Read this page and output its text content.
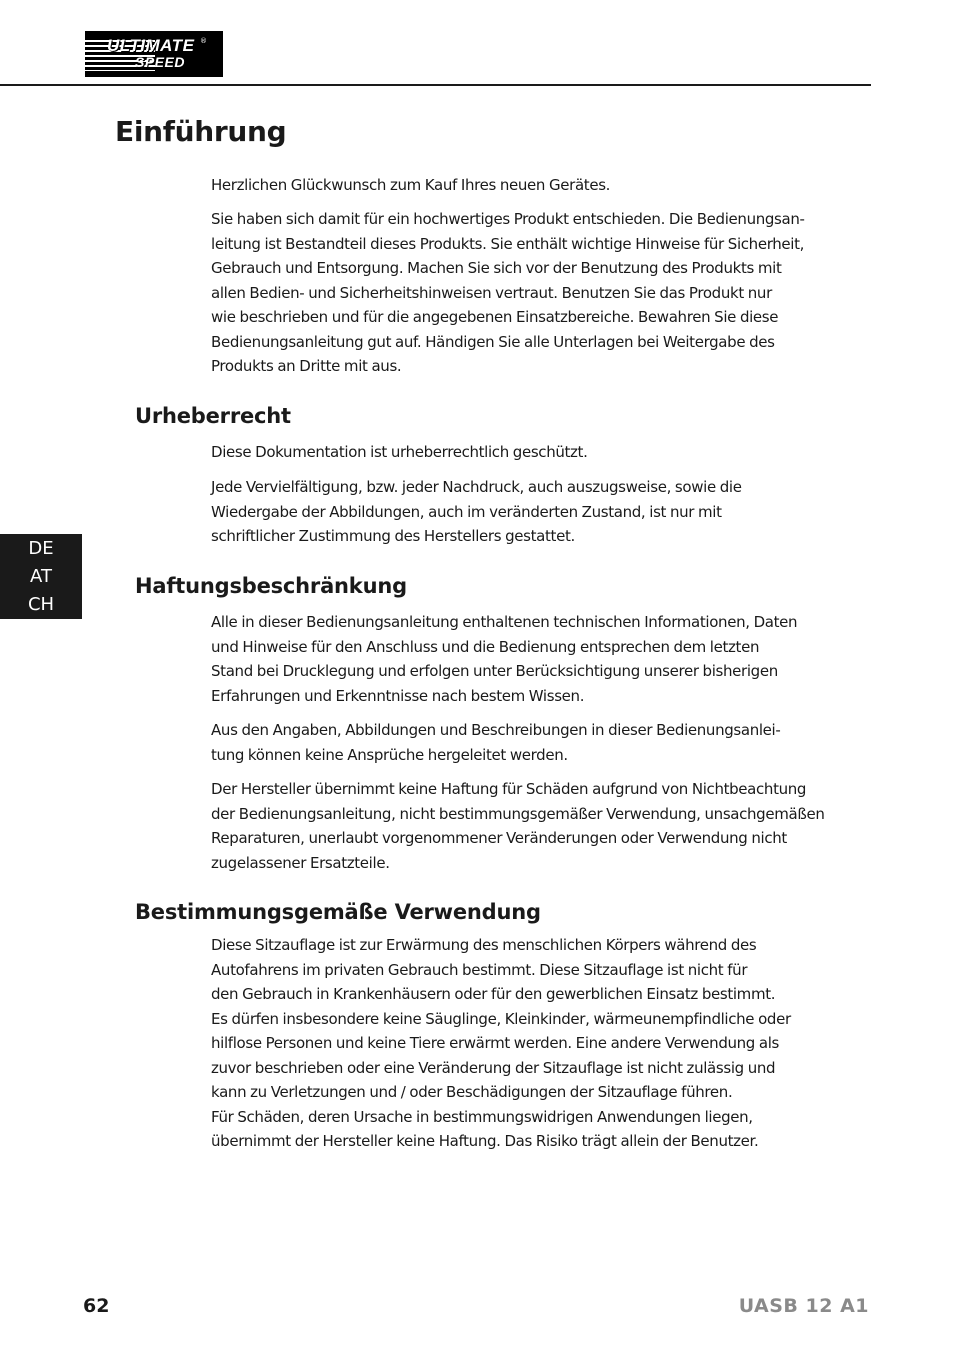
ULTIMATE
SPEED
®
Einführung
Herzlichen Glückwunsch zum Kauf Ihres neuen Gerätes.
Sie haben sich damit für ein hochwertiges Produkt entschieden. Die Bedienungsan-
leitung ist Bestandteil dieses Produkts. Sie enthält wichtige Hinweise für Sicherheit,
Gebrauch und Entsorgung. Machen Sie sich vor der Benutzung des Produkts mit
allen Bedien- und Sicherheitshinweisen vertraut. Benutzen Sie das Produkt nur
wie beschrieben und für die angegebenen Einsatzbereiche. Bewahren Sie diese
Bedienungsanleitung gut auf. Händigen Sie alle Unterlagen bei Weitergabe des
Produkts an Dritte mit aus.
Urheberrecht
Diese Dokumentation ist urheberrechtlich geschützt.
Jede Vervielfältigung, bzw. jeder Nachdruck, auch auszugsweise, sowie die
Wiedergabe der Abbildungen, auch im veränderten Zustand, ist nur mit
schriftlicher Zustimmung des Herstellers gestattet.
DE
AT
CH
Haftungsbeschränkung
Alle in dieser Bedienungsanleitung enthaltenen technischen Informationen, Daten
und Hinweise für den Anschluss und die Bedienung entsprechen dem letzten
Stand bei Drucklegung und erfolgen unter Berücksichtigung unserer bisherigen
Erfahrungen und Erkenntnisse nach bestem Wissen.
Aus den Angaben, Abbildungen und Beschreibungen in dieser Bedienungsanlei-
tung können keine Ansprüche hergeleitet werden.
Der Hersteller übernimmt keine Haftung für Schäden aufgrund von Nichtbeachtung
der Bedienungsanleitung, nicht bestimmungsgemäßer Verwendung, unsachgemäßen
Reparaturen, unerlaubt vorgenommener Veränderungen oder Verwendung nicht
zugelassener Ersatzteile.
Bestimmungsgemäße Verwendung
Diese Sitzauflage ist zur Erwärmung des menschlichen Körpers während des
Autofahrens im privaten Gebrauch bestimmt. Diese Sitzauflage ist nicht für
den Gebrauch in Krankenhäusern oder für den gewerblichen Einsatz bestimmt.
Es dürfen insbesondere keine Säuglinge, Kleinkinder, wärmeunempfindliche oder
hilflose Personen und keine Tiere erwärmt werden. Eine andere Verwendung als
zuvor beschrieben oder eine Veränderung der Sitzauflage ist nicht zulässig und
kann zu Verletzungen und / oder Beschädigungen der Sitzauflage führen.
Für Schäden, deren Ursache in bestimmungswidrigen Anwendungen liegen,
übernimmt der Hersteller keine Haftung. Das Risiko trägt allein der Benutzer.
62	UASB 12 A1
